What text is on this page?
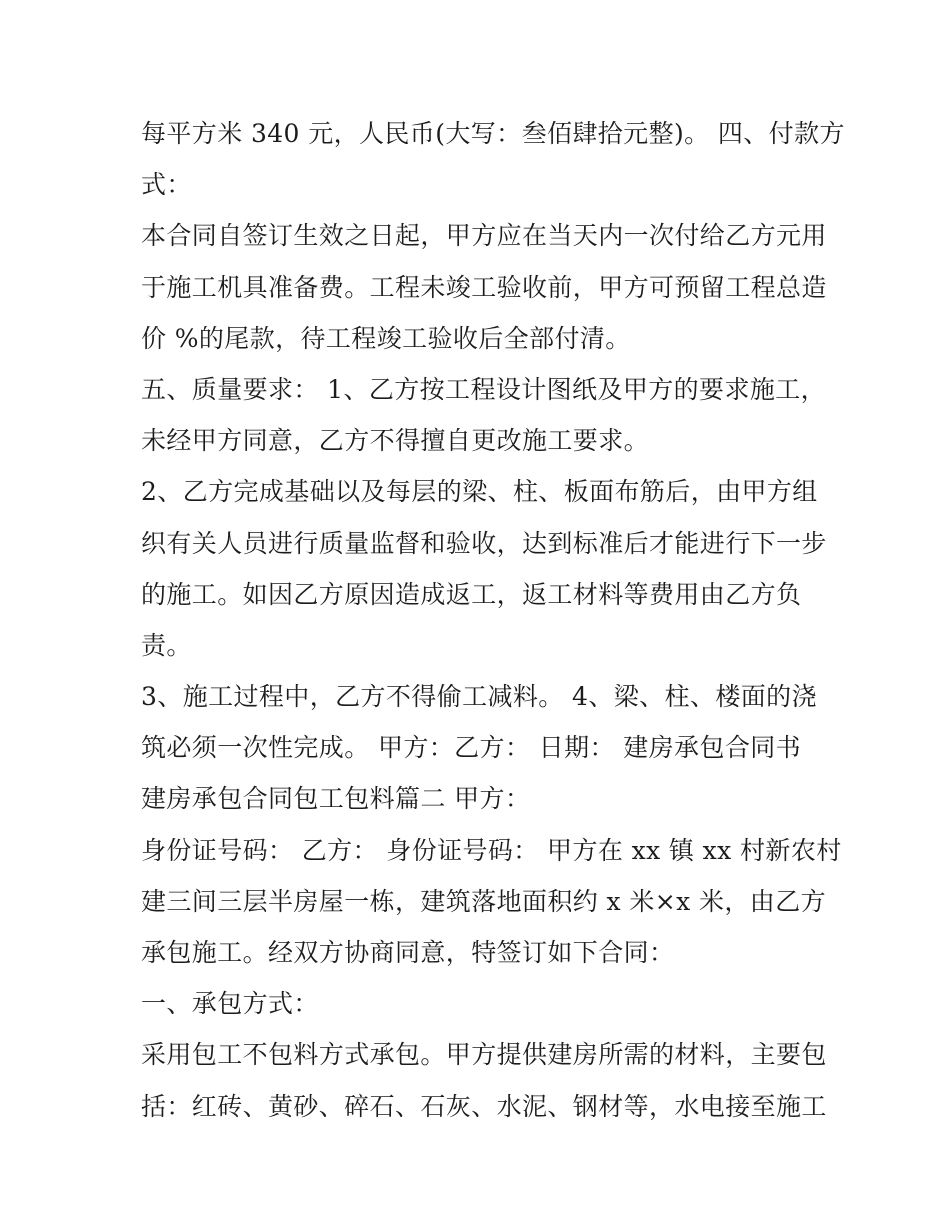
每平方米 340 元，人民币(大写：叁佰肆拾元整)。 四、付款方
式：
本合同自签订生效之日起，甲方应在当天内一次付给乙方元用
于施工机具准备费。工程未竣工验收前，甲方可预留工程总造
价 %的尾款，待工程竣工验收后全部付清。
五、质量要求： 1、乙方按工程设计图纸及甲方的要求施工，
未经甲方同意，乙方不得擅自更改施工要求。
2、乙方完成基础以及每层的梁、柱、板面布筋后，由甲方组
织有关人员进行质量监督和验收，达到标准后才能进行下一步
的施工。如因乙方原因造成返工，返工材料等费用由乙方负
责。
3、施工过程中，乙方不得偷工减料。 4、梁、柱、楼面的浇
筑必须一次性完成。 甲方：乙方： 日期： 建房承包合同书
建房承包合同包工包料篇二 甲方：
身份证号码： 乙方： 身份证号码： 甲方在 xx 镇 xx 村新农村
建三间三层半房屋一栋，建筑落地面积约 x 米×x 米，由乙方
承包施工。经双方协商同意，特签订如下合同：
一、承包方式：
采用包工不包料方式承包。甲方提供建房所需的材料，主要包
括：红砖、黄砂、碎石、石灰、水泥、钢材等，水电接至施工
